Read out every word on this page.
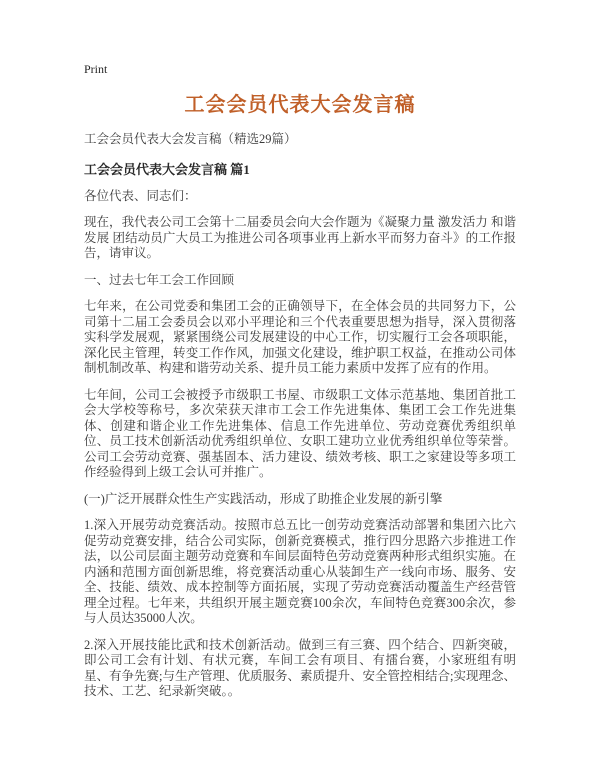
Print
工会会员代表大会发言稿

工会会员代表大会发言稿（精选29篇）

工会会员代表大会发言稿 篇1

各位代表、同志们：

现在，我代表公司工会第十二届委员会向大会作题为《凝聚力量 激发活力 和谐发展 团结动员广大员工为推进公司各项事业再上新水平而努力奋斗》的工作报告，请审议。

一、过去七年工会工作回顾

七年来，在公司党委和集团工会的正确领导下，在全体会员的共同努力下，公司第十二届工会委员会以邓小平理论和三个代表重要思想为指导，深入贯彻落实科学发展观，紧紧围绕公司发展建设的中心工作，切实履行工会各项职能，深化民主管理，转变工作作风，加强文化建设，维护职工权益，在推动公司体制机制改革、构建和谐劳动关系、提升员工能力素质中发挥了应有的作用。

七年间，公司工会被授予市级职工书屋、市级职工文体示范基地、集团首批工会大学校等称号，多次荣获天津市工会工作先进集体、集团工会工作先进集体、创建和谐企业工作先进集体、信息工作先进单位、劳动竞赛优秀组织单位、员工技术创新活动优秀组织单位、女职工建功立业优秀组织单位等荣誉。公司工会劳动竞赛、强基固本、活力建设、绩效考核、职工之家建设等多项工作经验得到上级工会认可并推广。

(一)广泛开展群众性生产实践活动，形成了助推企业发展的新引擎

1.深入开展劳动竞赛活动。按照市总五比一创劳动竞赛活动部署和集团六比六促劳动竞赛安排，结合公司实际，创新竞赛模式，推行四分思路六步推进工作法，以公司层面主题劳动竞赛和车间层面特色劳动竞赛两种形式组织实施。在内涵和范围方面创新思维，将竞赛活动重心从装卸生产一线向市场、服务、安全、技能、绩效、成本控制等方面拓展，实现了劳动竞赛活动覆盖生产经营管理全过程。七年来，共组织开展主题竞赛100余次，车间特色竞赛300余次，参与人员达35000人次。

2.深入开展技能比武和技术创新活动。做到三有三赛、四个结合、四新突破，即公司工会有计划、有状元赛，车间工会有项目、有擂台赛，小家班组有明星、有争先赛;与生产管理、优质服务、素质提升、安全管控相结合;实现理念、技术、工艺、纪录新突破。。
